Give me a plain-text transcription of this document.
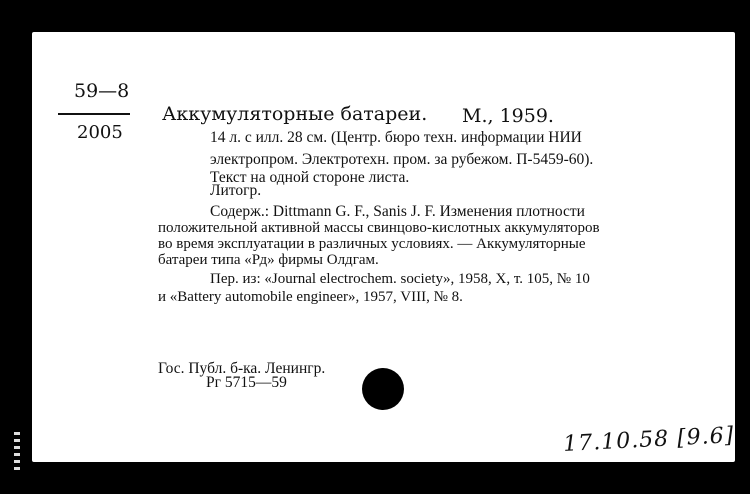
59—8
2005
Аккумуляторные батареи. М., 1959.
14 л. с илл. 28 см. (Центр. бюро техн. информации НИИ
электропром. Электротехн. пром. за рубежом. П-5459-60).
Текст на одной стороне листа.
Литогр.
Содерж.: Dittmann G. F., Sanis J. F. Изменения плотности
положительной активной массы свинцово-кислотных аккумуляторов
во время эксплуатации в различных условиях. — Аккумуляторные
батареи типа «Рд» фирмы Олдгам.
Пер. из: «Journal electrochem. society», 1958, X, т. 105, № 10
и «Battery automobile engineer», 1957, VIII, № 8.
Гос. Публ. б-ка. Ленингр.
Рг 5715—59
17.10.58 [9.6]
